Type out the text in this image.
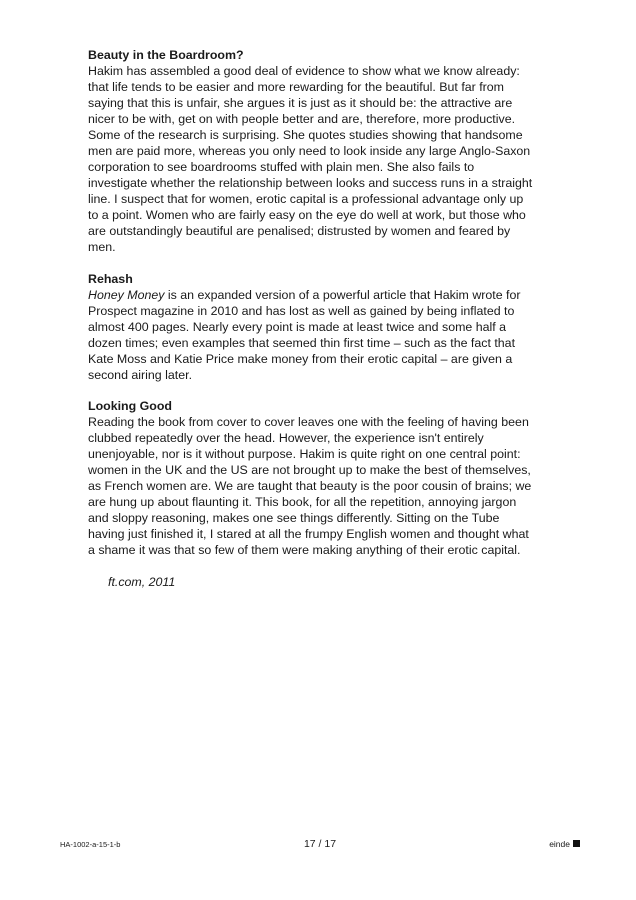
Beauty in the Boardroom?

Hakim has assembled a good deal of evidence to show what we know already:
that life tends to be easier and more rewarding for the beautiful. But far from
saying that this is unfair, she argues it is just as it should be: the attractive are
nicer to be with, get on with people better and are, therefore, more productive.
Some of the research is surprising. She quotes studies showing that handsome
men are paid more, whereas you only need to look inside any large Anglo-Saxon
corporation to see boardrooms stuffed with plain men. She also fails to
investigate whether the relationship between looks and success runs in a straight
line. I suspect that for women, erotic capital is a professional advantage only up
to a point. Women who are fairly easy on the eye do well at work, but those who
are outstandingly beautiful are penalised; distrusted by women and feared by
men.

Rehash

Honey Money is an expanded version of a powerful article that Hakim wrote for
Prospect magazine in 2010 and has lost as well as gained by being inflated to
almost 400 pages. Nearly every point is made at least twice and some half a
dozen times; even examples that seemed thin first time – such as the fact that
Kate Moss and Katie Price make money from their erotic capital – are given a
second airing later.

Looking Good

Reading the book from cover to cover leaves one with the feeling of having been
clubbed repeatedly over the head. However, the experience isn't entirely
unenjoyable, nor is it without purpose. Hakim is quite right on one central point:
women in the UK and the US are not brought up to make the best of themselves,
as French women are. We are taught that beauty is the poor cousin of brains; we
are hung up about flaunting it. This book, for all the repetition, annoying jargon
and sloppy reasoning, makes one see things differently. Sitting on the Tube
having just finished it, I stared at all the frumpy English women and thought what
a shame it was that so few of them were making anything of their erotic capital.

ft.com, 2011

HA-1002-a-15-1-b	17 / 17	einde
